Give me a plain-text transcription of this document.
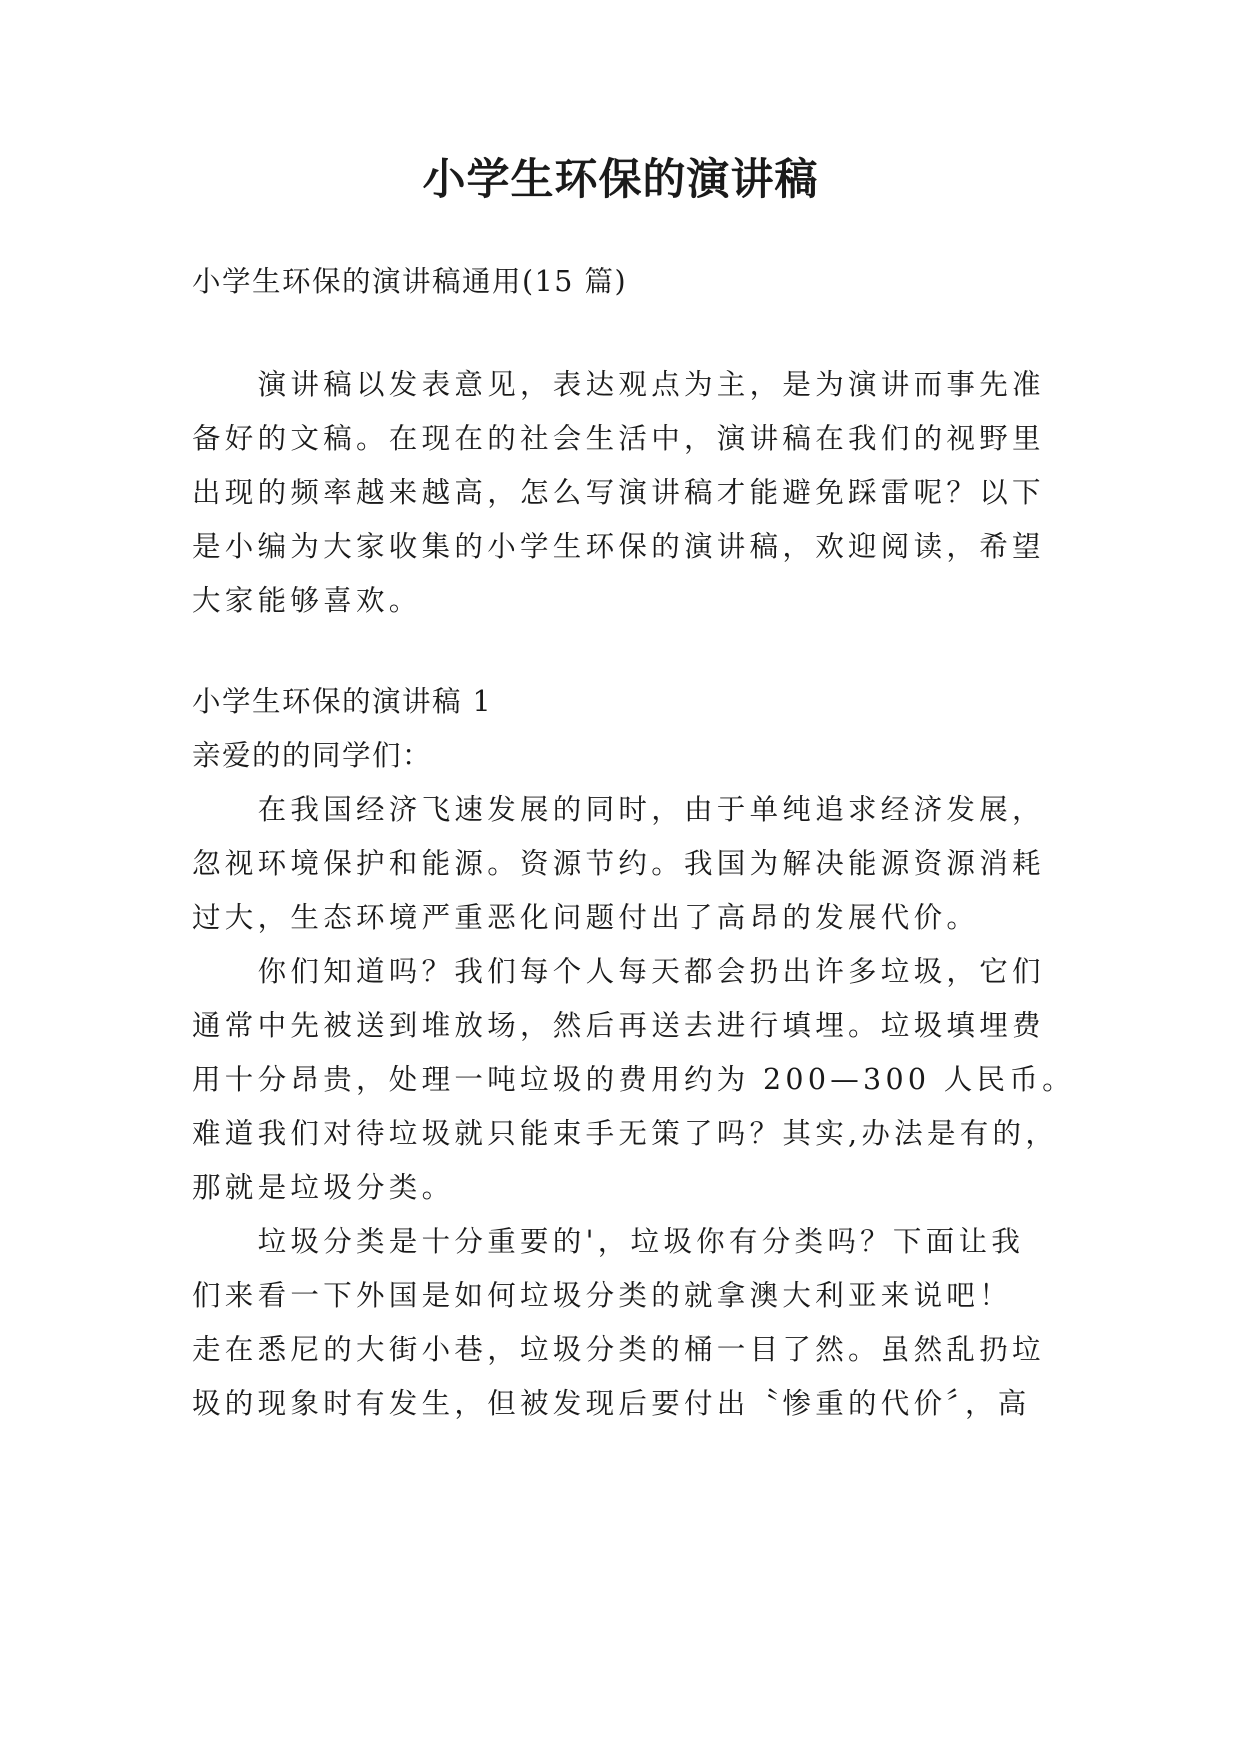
小学生环保的演讲稿

小学生环保的演讲稿通用(15 篇)

　　演讲稿以发表意见，表达观点为主，是为演讲而事先准

备好的文稿。在现在的社会生活中，演讲稿在我们的视野里

出现的频率越来越高，怎么写演讲稿才能避免踩雷呢？以下

是小编为大家收集的小学生环保的演讲稿，欢迎阅读，希望

大家能够喜欢。

小学生环保的演讲稿 1

亲爱的的同学们：

　　在我国经济飞速发展的同时，由于单纯追求经济发展，

忽视环境保护和能源。资源节约。我国为解决能源资源消耗

过大，生态环境严重恶化问题付出了高昂的发展代价。

　　你们知道吗？我们每个人每天都会扔出许多垃圾，它们

通常中先被送到堆放场，然后再送去进行填埋。垃圾填埋费

用十分昂贵，处理一吨垃圾的费用约为 200—300 人民币。

难道我们对待垃圾就只能束手无策了吗？其实,办法是有的，

那就是垃圾分类。

　　垃圾分类是十分重要的'，垃圾你有分类吗？下面让我

们来看一下外国是如何垃圾分类的就拿澳大利亚来说吧！

走在悉尼的大街小巷，垃圾分类的桶一目了然。虽然乱扔垃

圾的现象时有发生，但被发现后要付出〝惨重的代价〞，高
